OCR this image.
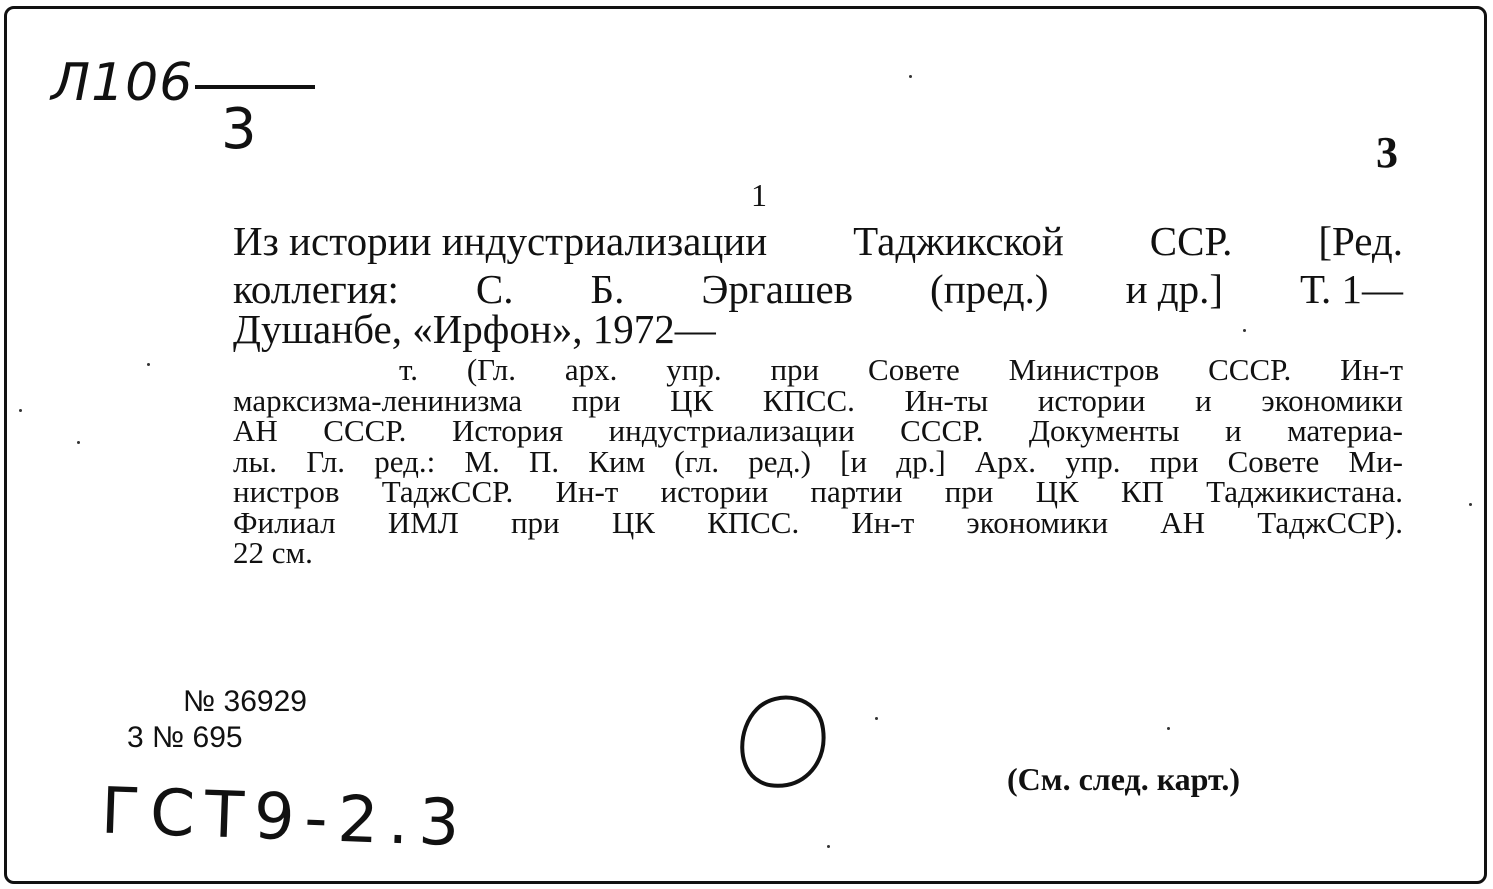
Л106
3	3
1
Из истории индустриализации Таджикской ССР. [Ред.
коллегия: С. Б. Эргашев (пред.) и др.] Т. 1—
Душанбе, «Ирфон», 1972—
т. (Гл. арх. упр. при Совете Министров СССР. Ин-т
марксизма-ленинизма при ЦК КПСС. Ин-ты истории и экономики
АН СССР. История индустриализации СССР. Документы и материа-
лы. Гл. ред.: М. П. Ким (гл. ред.) [и др.] Арх. упр. при Совете Ми-
нистров ТаджССР. Ин-т истории партии при ЦК КП Таджикистана.
Филиал ИМЛ при ЦК КПСС. Ин-т экономики АН ТаджССР).
22 см.
№ 36929
3 № 695
ГСТ9-2.3	(См. след. карт.)
